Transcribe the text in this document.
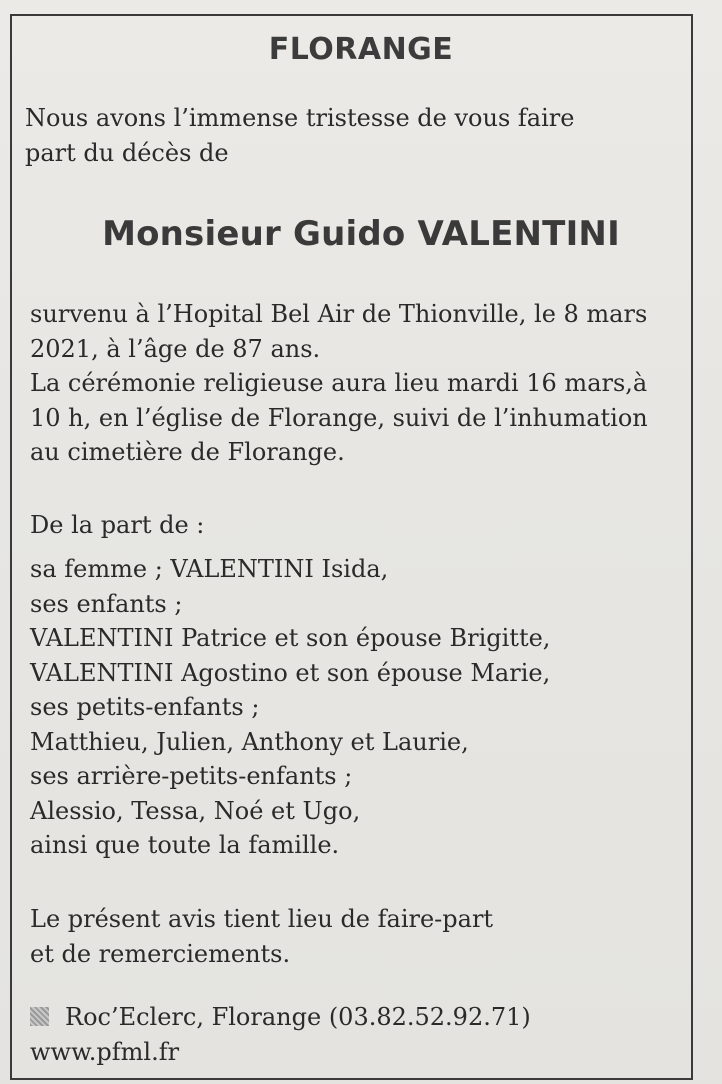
FLORANGE
Nous avons l’immense tristesse de vous faire
part du décès de
Monsieur Guido VALENTINI
survenu à l’Hopital Bel Air de Thionville, le 8 mars
2021, à l’âge de 87 ans.
La cérémonie religieuse aura lieu mardi 16 mars,à
10 h, en l’église de Florange, suivi de l’inhumation
au cimetière de Florange.
De la part de :
sa femme ; VALENTINI Isida,
ses enfants ;
VALENTINI Patrice et son épouse Brigitte,
VALENTINI Agostino et son épouse Marie,
ses petits-enfants ;
Matthieu, Julien, Anthony et Laurie,
ses arrière-petits-enfants ;
Alessio, Tessa, Noé et Ugo,
ainsi que toute la famille.
Le présent avis tient lieu de faire-part
et de remerciements.
Roc’Eclerc, Florange (03.82.52.92.71)
www.pfml.fr
